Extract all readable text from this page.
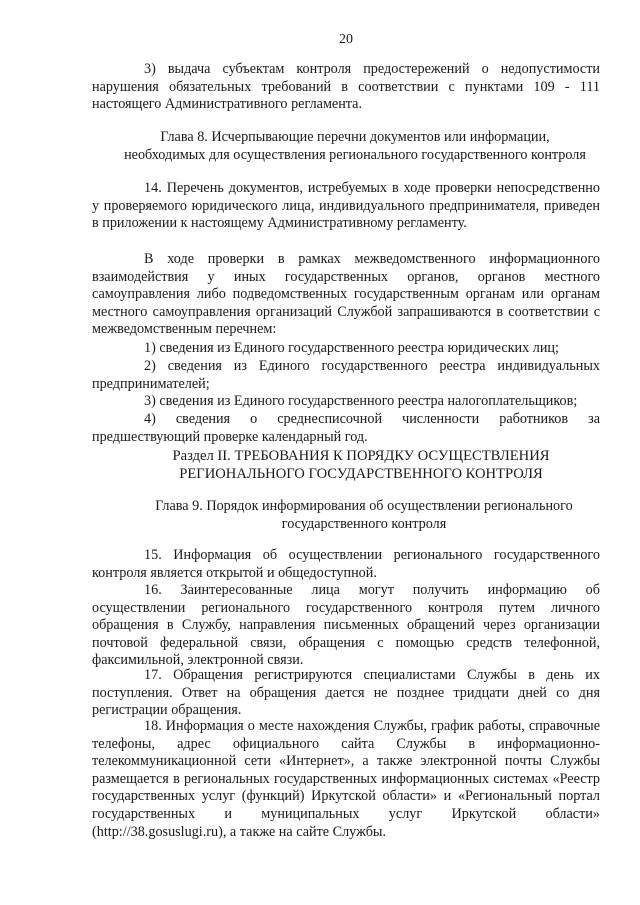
20

3) выдача субъектам контроля предостережений о недопустимости нарушения обязательных требований в соответствии с пунктами 109 - 111 настоящего Административного регламента.

Глава 8. Исчерпывающие перечни документов или информации, необходимых для осуществления регионального государственного контроля

14. Перечень документов, истребуемых в ходе проверки непосредственно у проверяемого юридического лица, индивидуального предпринимателя, приведен в приложении к настоящему Административному регламенту.

В ходе проверки в рамках межведомственного информационного взаимодействия у иных государственных органов, органов местного самоуправления либо подведомственных государственным органам или органам местного самоуправления организаций Службой запрашиваются в соответствии с межведомственным перечнем:

1) сведения из Единого государственного реестра юридических лиц;

2) сведения из Единого государственного реестра индивидуальных предпринимателей;

3) сведения из Единого государственного реестра налогоплательщиков;

4) сведения о среднесписочной численности работников за предшествующий проверке календарный год.

Раздел II. ТРЕБОВАНИЯ К ПОРЯДКУ ОСУЩЕСТВЛЕНИЯ РЕГИОНАЛЬНОГО ГОСУДАРСТВЕННОГО КОНТРОЛЯ

Глава 9. Порядок информирования об осуществлении регионального государственного контроля

15. Информация об осуществлении регионального государственного контроля является открытой и общедоступной.

16. Заинтересованные лица могут получить информацию об осуществлении регионального государственного контроля путем личного обращения в Службу, направления письменных обращений через организации почтовой федеральной связи, обращения с помощью средств телефонной, факсимильной, электронной связи.

17. Обращения регистрируются специалистами Службы в день их поступления. Ответ на обращения дается не позднее тридцати дней со дня регистрации обращения.

18. Информация о месте нахождения Службы, график работы, справочные телефоны, адрес официального сайта Службы в информационно-телекоммуникационной сети «Интернет», а также электронной почты Службы размещается в региональных государственных информационных системах «Реестр государственных услуг (функций) Иркутской области» и «Региональный портал государственных и муниципальных услуг Иркутской области» (http://38.gosuslugi.ru), а также на сайте Службы.
